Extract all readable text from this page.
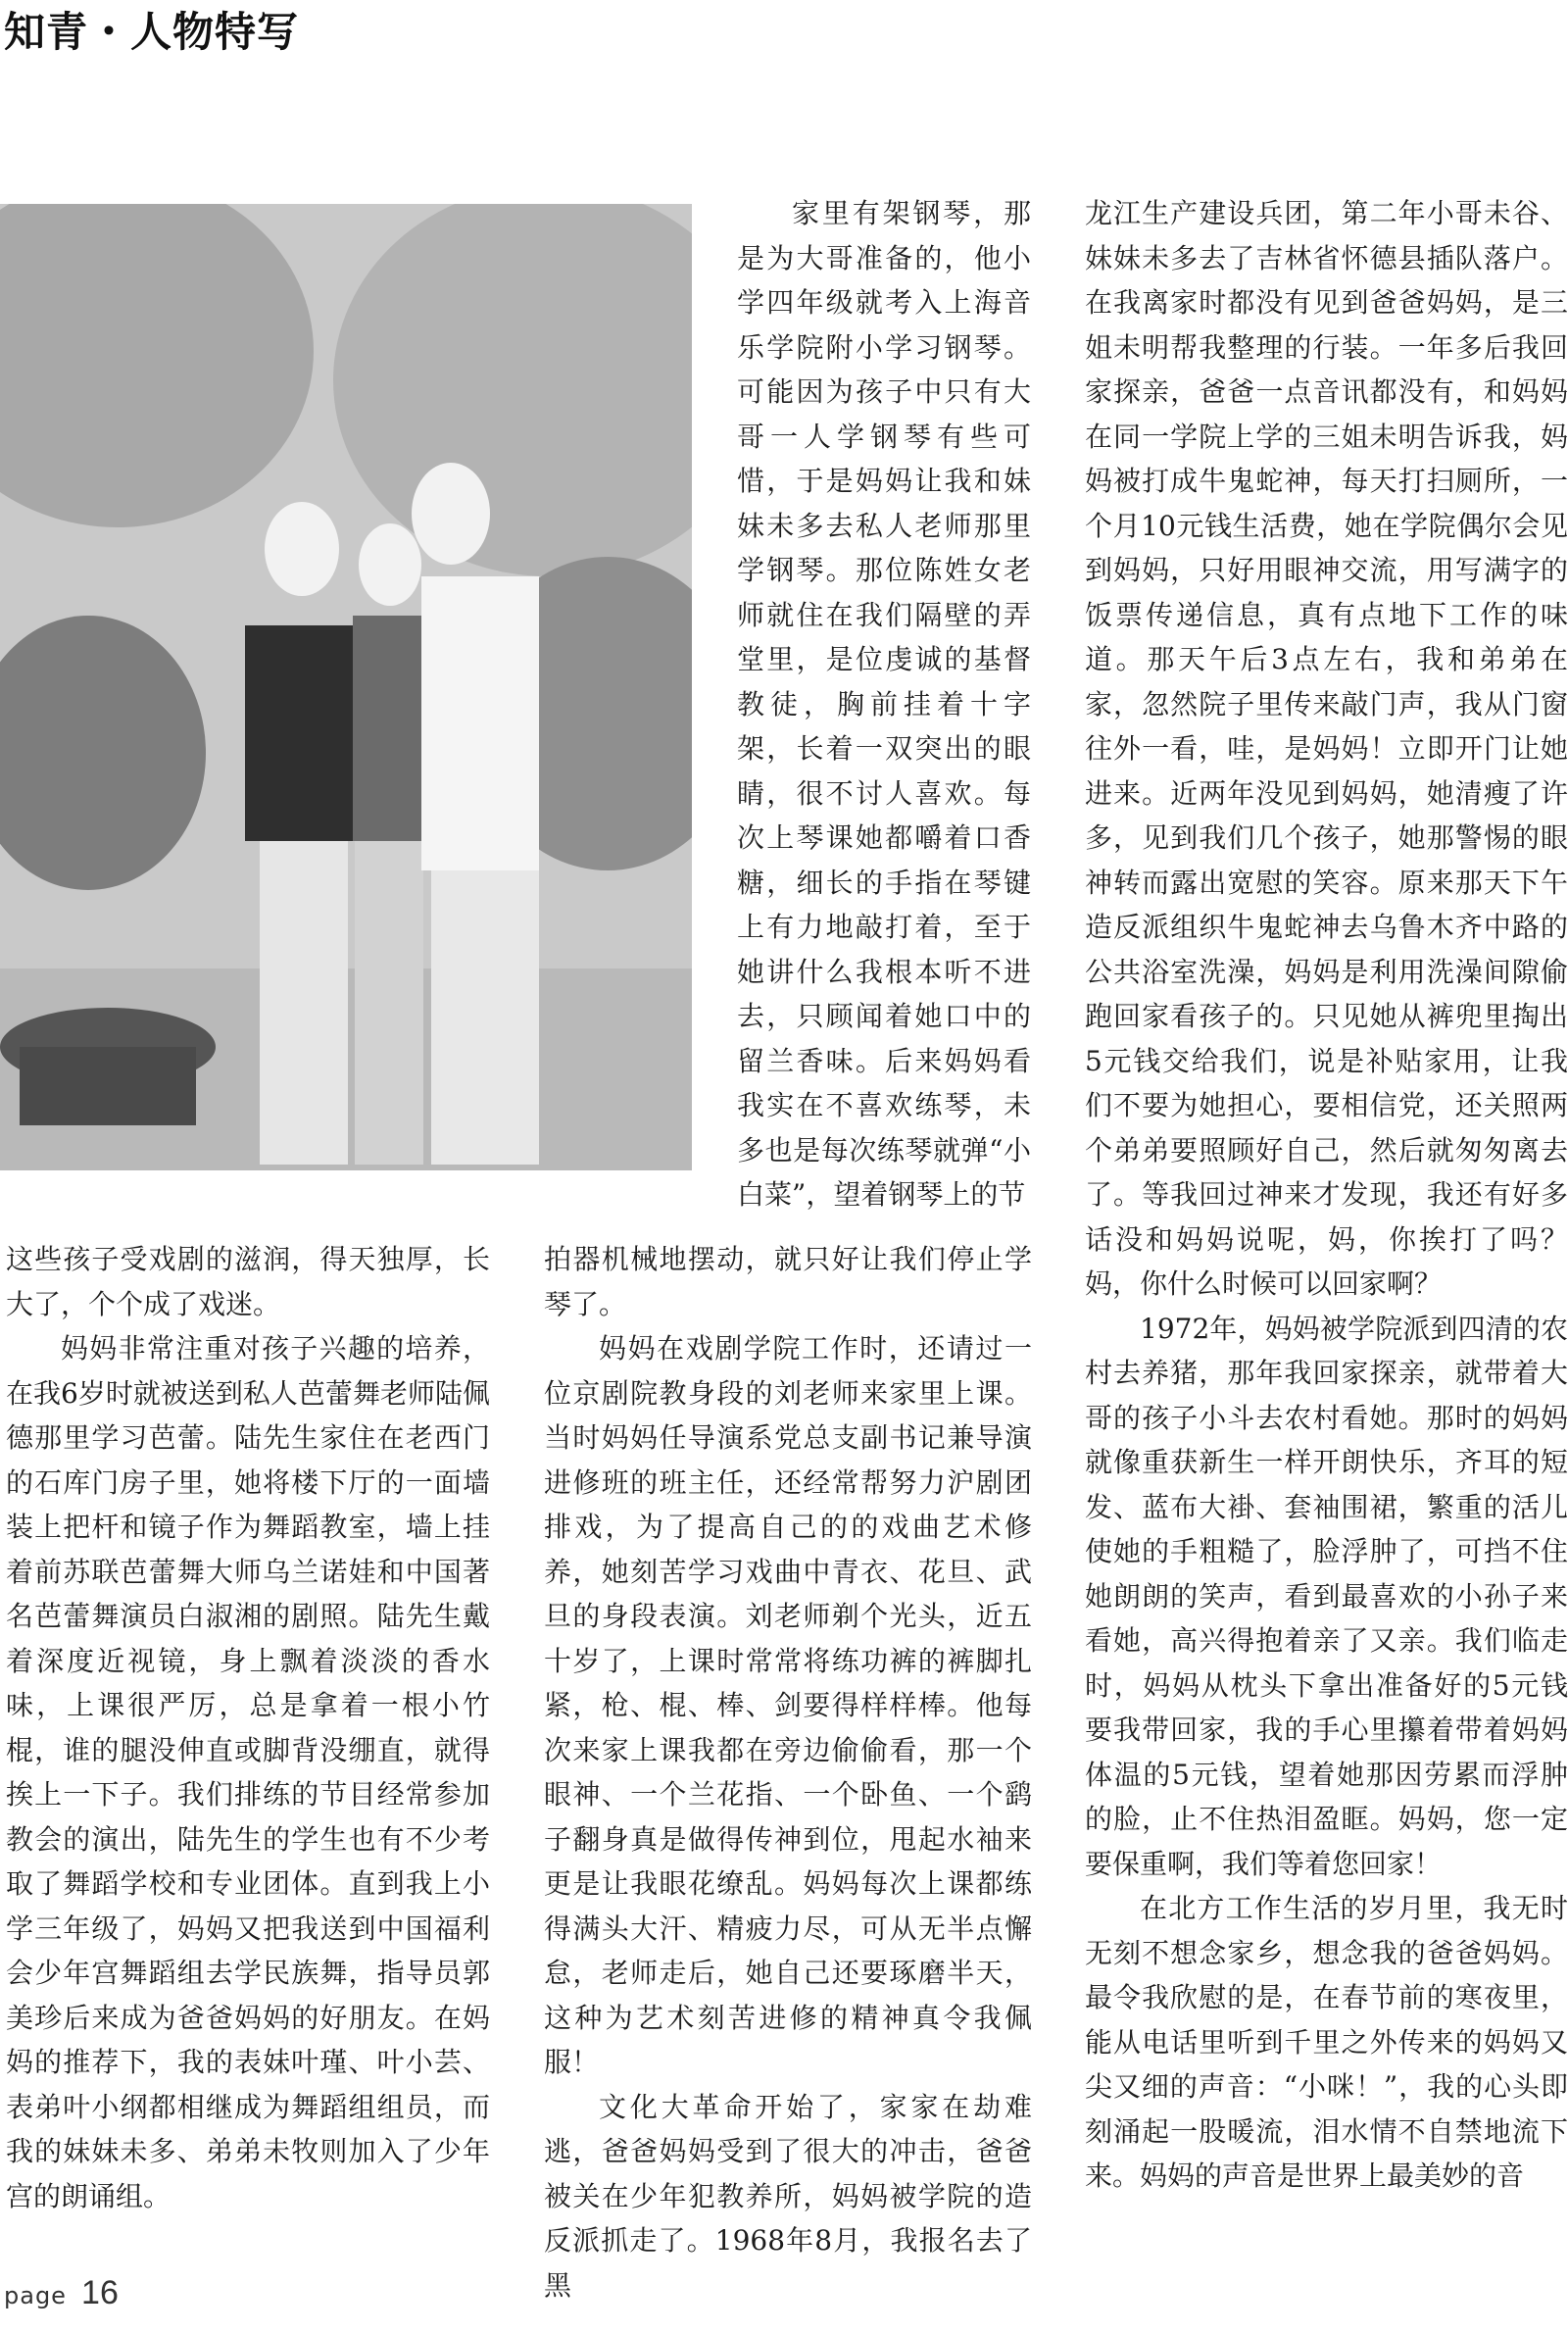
知青・人物特写

家里有架钢琴，那是为大哥准备的，他小学四年级就考入上海音乐学院附小学习钢琴。可能因为孩子中只有大哥一人学钢琴有些可惜，于是妈妈让我和妹妹未多去私人老师那里学钢琴。那位陈姓女老师就住在我们隔壁的弄堂里，是位虔诚的基督教徒，胸前挂着十字架，长着一双突出的眼睛，很不讨人喜欢。每次上琴课她都嚼着口香糖，细长的手指在琴键上有力地敲打着，至于她讲什么我根本听不进去，只顾闻着她口中的留兰香味。后来妈妈看我实在不喜欢练琴，未多也是每次练琴就弹“小白菜”，望着钢琴上的节

这些孩子受戏剧的滋润，得天独厚，长大了，个个成了戏迷。

妈妈非常注重对孩子兴趣的培养，在我6岁时就被送到私人芭蕾舞老师陆佩德那里学习芭蕾。陆先生家住在老西门的石库门房子里，她将楼下厅的一面墙装上把杆和镜子作为舞蹈教室，墙上挂着前苏联芭蕾舞大师乌兰诺娃和中国著名芭蕾舞演员白淑湘的剧照。陆先生戴着深度近视镜，身上飘着淡淡的香水味，上课很严厉，总是拿着一根小竹棍，谁的腿没伸直或脚背没绷直，就得挨上一下子。我们排练的节目经常参加教会的演出，陆先生的学生也有不少考取了舞蹈学校和专业团体。直到我上小学三年级了，妈妈又把我送到中国福利会少年宫舞蹈组去学民族舞，指导员郭美珍后来成为爸爸妈妈的好朋友。在妈妈的推荐下，我的表妹叶瑾、叶小芸、表弟叶小纲都相继成为舞蹈组组员，而我的妹妹未多、弟弟未牧则加入了少年宫的朗诵组。

拍器机械地摆动，就只好让我们停止学琴了。

妈妈在戏剧学院工作时，还请过一位京剧院教身段的刘老师来家里上课。当时妈妈任导演系党总支副书记兼导演进修班的班主任，还经常帮努力沪剧团排戏，为了提高自己的的戏曲艺术修养，她刻苦学习戏曲中青衣、花旦、武旦的身段表演。刘老师剃个光头，近五十岁了，上课时常常将练功裤的裤脚扎紧，枪、棍、棒、剑要得样样棒。他每次来家上课我都在旁边偷偷看，那一个眼神、一个兰花指、一个卧鱼、一个鹞子翻身真是做得传神到位，甩起水袖来更是让我眼花缭乱。妈妈每次上课都练得满头大汗、精疲力尽，可从无半点懈怠，老师走后，她自己还要琢磨半天，这种为艺术刻苦进修的精神真令我佩服！

文化大革命开始了，家家在劫难逃，爸爸妈妈受到了很大的冲击，爸爸被关在少年犯教养所，妈妈被学院的造反派抓走了。1968年8月，我报名去了黑

龙江生产建设兵团，第二年小哥未谷、妹妹未多去了吉林省怀德县插队落户。在我离家时都没有见到爸爸妈妈，是三姐未明帮我整理的行装。一年多后我回家探亲，爸爸一点音讯都没有，和妈妈在同一学院上学的三姐未明告诉我，妈妈被打成牛鬼蛇神，每天打扫厕所，一个月10元钱生活费，她在学院偶尔会见到妈妈，只好用眼神交流，用写满字的饭票传递信息，真有点地下工作的味道。那天午后3点左右，我和弟弟在家，忽然院子里传来敲门声，我从门窗往外一看，哇，是妈妈！立即开门让她进来。近两年没见到妈妈，她清瘦了许多，见到我们几个孩子，她那警惕的眼神转而露出宽慰的笑容。原来那天下午造反派组织牛鬼蛇神去乌鲁木齐中路的公共浴室洗澡，妈妈是利用洗澡间隙偷跑回家看孩子的。只见她从裤兜里掏出5元钱交给我们，说是补贴家用，让我们不要为她担心，要相信党，还关照两个弟弟要照顾好自己，然后就匆匆离去了。等我回过神来才发现，我还有好多话没和妈妈说呢，妈，你挨打了吗？妈，你什么时候可以回家啊？

1972年，妈妈被学院派到四清的农村去养猪，那年我回家探亲，就带着大哥的孩子小斗去农村看她。那时的妈妈就像重获新生一样开朗快乐，齐耳的短发、蓝布大褂、套袖围裙，繁重的活儿使她的手粗糙了，脸浮肿了，可挡不住她朗朗的笑声，看到最喜欢的小孙子来看她，高兴得抱着亲了又亲。我们临走时，妈妈从枕头下拿出准备好的5元钱要我带回家，我的手心里攥着带着妈妈体温的5元钱，望着她那因劳累而浮肿的脸，止不住热泪盈眶。妈妈，您一定要保重啊，我们等着您回家！

在北方工作生活的岁月里，我无时无刻不想念家乡，想念我的爸爸妈妈。最令我欣慰的是，在春节前的寒夜里，能从电话里听到千里之外传来的妈妈又尖又细的声音：“小咪！”，我的心头即刻涌起一股暖流，泪水情不自禁地流下来。妈妈的声音是世界上最美妙的音

page 16
